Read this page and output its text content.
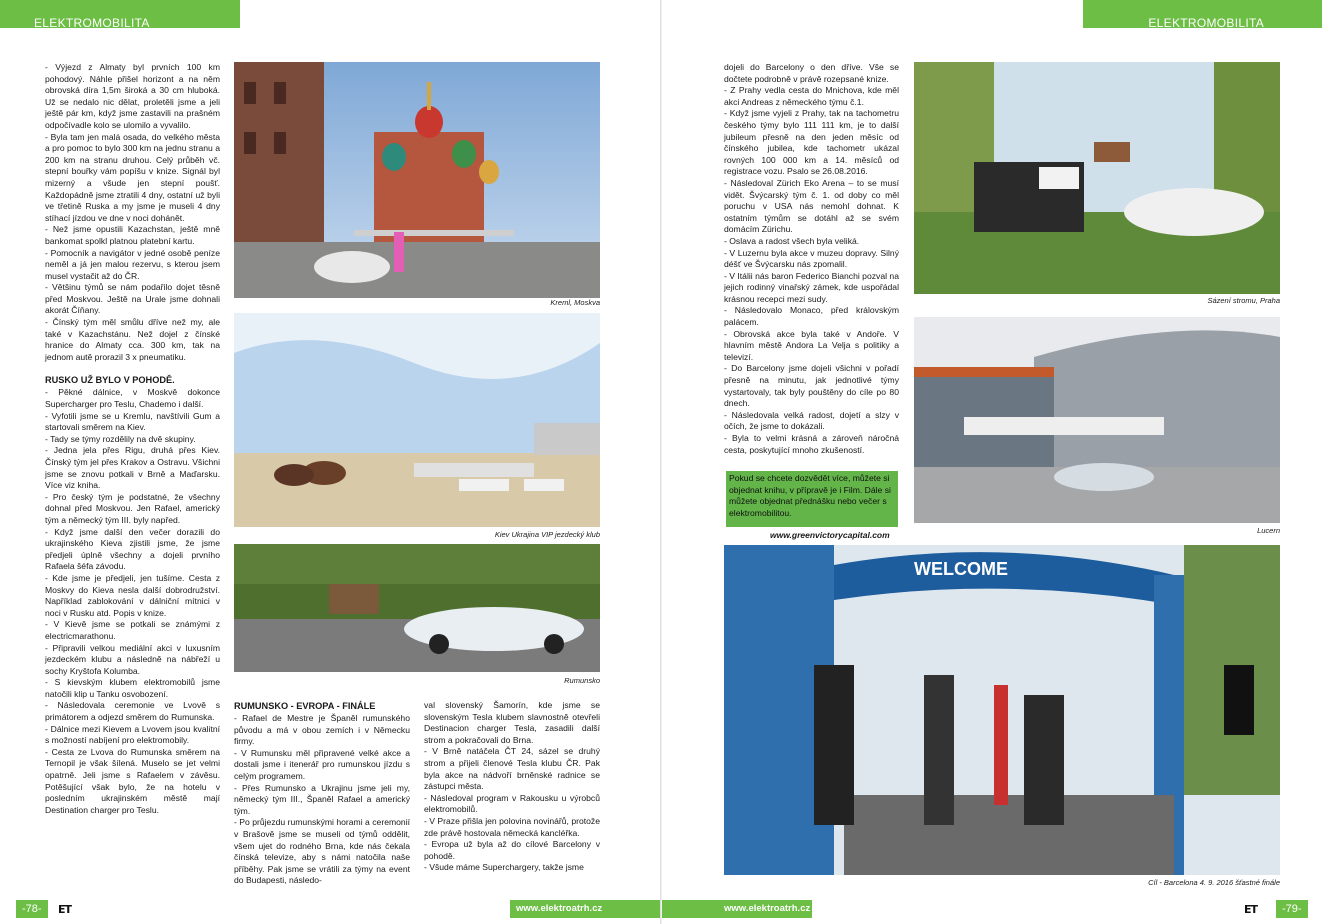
ELEKTROMOBILITA	ELEKTROMOBILITA

- Výjezd z Almaty byl prvních 100 km pohodový. Náhle přišel horizont a na něm obrovská díra 1,5m široká a 30 cm hluboká. Už se nedalo nic dělat, proletěli jsme a jeli ještě pár km, když jsme zastavili na prašném odpočívadle kolo se ulomilo a vyvalilo.

- Byla tam jen malá osada, do velkého města a pro pomoc to bylo 300 km na jednu stranu a 200 km na stranu druhou. Celý průběh vč. stepní bouřky vám popíšu v knize. Signál byl mizerný a všude jen stepní poušť. Každopádně jsme ztratili 4 dny, ostatní už byli ve třetině Ruska a my jsme je museli 4 dny stíhací jízdou ve dne v noci dohánět.

- Než jsme opustili Kazachstan, ještě mně bankomat spolkl platnou platební kartu.

- Pomocník a navigátor v jedné osobě peníze neměl a já jen malou rezervu, s kterou jsem musel vystačit až do ČR.

- Většinu týmů se nám podařilo dojet těsně před Moskvou. Ještě na Urale jsme dohnali akorát Číňany.

- Čínský tým měl smůlu dříve než my, ale také v Kazachstánu. Než dojel z čínské hranice do Almaty cca. 300 km, tak na jednom autě prorazil 3 x pneumatiku.

RUSKO UŽ BYLO V POHODĚ.

- Pěkné dálnice, v Moskvě dokonce Supercharger pro Teslu, Chademo i další.

- Vyfotili jsme se u Kremlu, navštívili Gum a startovali směrem na Kiev.

- Tady se týmy rozdělily na dvě skupiny.

- Jedna jela přes Rigu, druhá přes Kiev. Čínský tým jel přes Krakov a Ostravu. Všichni jsme se znovu potkali v Brně a Maďarsku. Více viz kniha.

- Pro český tým je podstatné, že všechny dohnal před Moskvou. Jen Rafael, americký tým a německý tým III. byly napřed.

- Když jsme další den večer dorazili do ukrajinského Kieva zjistili jsme, že jsme předjeli úplně všechny a dojeli prvního Rafaela šéfa závodu.

- Kde jsme je předjeli, jen tušíme. Cesta z Moskvy do Kieva nesla další dobrodružství. Například zablokování v dálniční mítnici v noci v Rusku atd. Popis v knize.

- V Kievě jsme se potkali se známými z electricmarathonu.

- Připravili velkou mediální akci v luxusním jezdeckém klubu a následně na nábřeží u sochy Kryštofa Kolumba.

- S kievským klubem elektromobilů jsme natočili klip u Tanku osvobození.

- Následovala ceremonie ve Lvově s primátorem a odjezd směrem do Rumunska.

- Dálnice mezi Kievem a Lvovem jsou kvalitní s možností nabíjení pro elektromobily.

- Cesta ze Lvova do Rumunska směrem na Ternopil je však šílená. Muselo se jet velmi opatrně. Jeli jsme s Rafaelem v závěsu. Potěšující však bylo, že na hotelu v posledním ukrajinském městě mají Destination charger pro Teslu.

Kreml, Moskva
Kiev Ukrajina VIP jezdecký klub
Rumunsko
RUMUNSKO - EVROPA - FINÁLE

- Rafael de Mestre je Španěl rumunského původu a má v obou zemích i v Německu firmy.

- V Rumunsku měl připravené velké akce a dostali jsme i itenerář pro rumunskou jízdu s celým programem.

- Přes Rumunsko a Ukrajinu jsme jeli my, německý tým III., Španěl Rafael a americký tým.

- Po průjezdu rumunskými horami a ceremonií v Brašově jsme se museli od týmů oddělit, všem ujet do rodného Brna, kde nás čekala čínská televize, aby s námi natočila naše příběhy. Pak jsme se vrátili za týmy na event do Budapesti, následo-

val slovenský Šamorín, kde jsme se slovenským Tesla klubem slavnostně otevřeli Destinacion charger Tesla, zasadili další strom a pokračovali do Brna.

- V Brně natáčela ČT 24, sázel se druhý strom a přijeli členové Tesla klubu ČR. Pak byla akce na nádvoří brněnské radnice se zástupci města.

- Následoval program v Rakousku u výrobců elektromobilů.

- V Praze přišla jen polovina novinářů, protože zde právě hostovala německá kancléřka.

- Evropa už byla až do cílové Barcelony v pohodě.

- Všude máme Superchargery, takže jsme

dojeli do Barcelony o den dříve. Vše se dočtete podrobně v právě rozepsané knize.

- Z Prahy vedla cesta do Mnichova, kde měl akci Andreas z německého týmu č.1.

- Když jsme vyjeli z Prahy, tak na tachometru českého týmy bylo 111 111 km, je to další jubileum přesně na den jeden měsíc od čínského jubilea, kde tachometr ukázal rovných 100 000 km a 14. měsíců od registrace vozu. Psalo se 26.08.2016.

- Následoval Zürich Eko Arena – to se musí vidět. Švýcarský tým č. 1. od doby co měl poruchu v USA nás nemohl dohnat. K ostatním týmům se dotáhl až se svém domácím Zürichu.

- Oslava a radost všech byla veliká.

- V Luzernu byla akce v muzeu dopravy. Silný déšť ve Švýcarsku nás zpomalil.

- V Itálii nás baron Federico Bianchi pozval na jejich rodinný vinařský zámek, kde uspořádal krásnou recepci mezi sudy.

- Následovalo Monaco, před královským palácem.

- Obrovská akce byla také v Andoře. V hlavním městě Andora La Velja s politiky a televizí.

- Do Barcelony jsme dojeli všichni v pořadí přesně na minutu, jak jednotlivé týmy vystartovaly, tak byly pouštěny do cíle po 80 dnech.

- Následovala velká radost, dojetí a slzy v očích, že jsme to dokázali.

- Byla to velmi krásná a zároveň náročná cesta, poskytující mnoho zkušeností.

Pokud se chcete dozvědět více, můžete si objednat knihu, v přípravě je i Film. Dále si můžete objednat přednášku nebo večer s elektromobilitou.
www.greenvictorycapital.com
Sázení stromu, Praha
Lucern
WELCOME
Cíl - Barcelona 4. 9. 2016 šťastné finále
-78-	ET	www.elektroatrh.cz	www.elektroatrh.cz	ET	-79-
